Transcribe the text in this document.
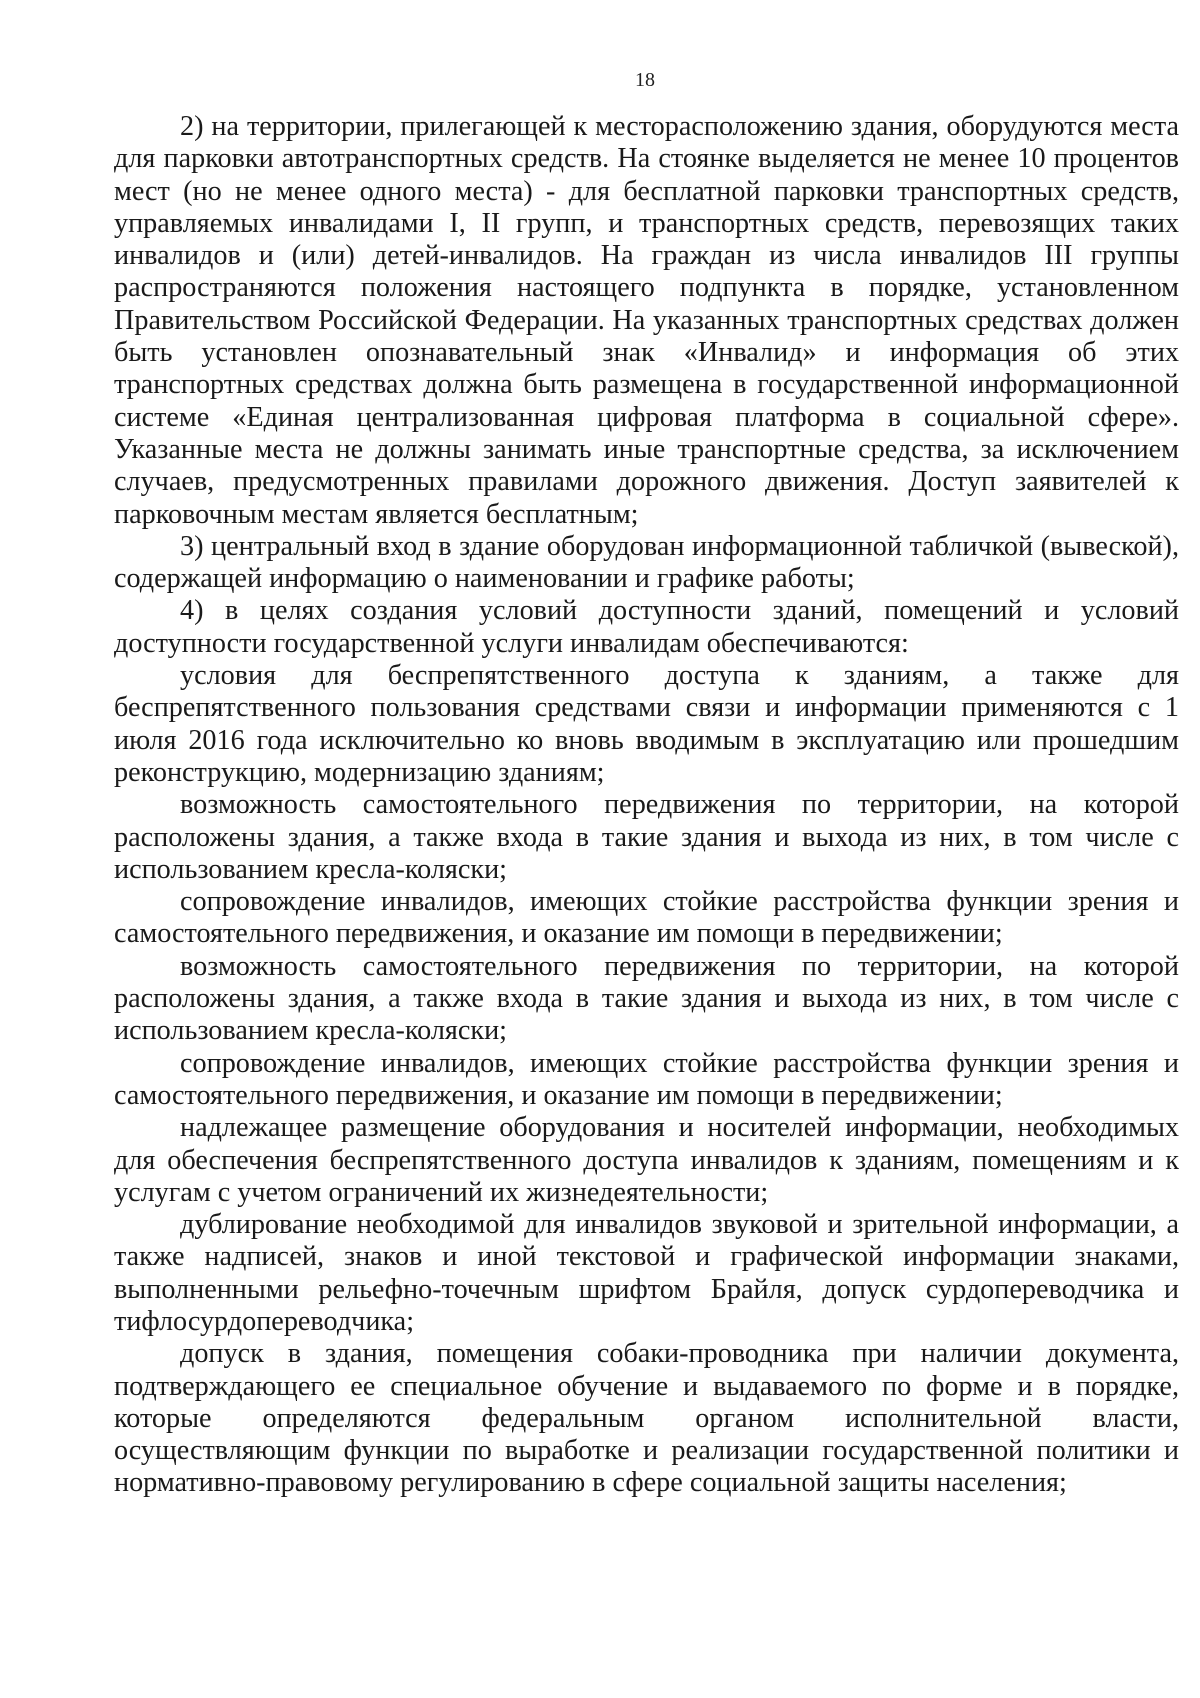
18

2) на территории, прилегающей к месторасположению здания, оборудуются места для парковки автотранспортных средств. На стоянке выделяется не менее 10 процентов мест (но не менее одного места) - для бесплатной парковки транспортных средств, управляемых инвалидами I, II групп, и транспортных средств, перевозящих таких инвалидов и (или) детей-инвалидов. На граждан из числа инвалидов III группы распространяются положения настоящего подпункта в порядке, установленном Правительством Российской Федерации. На указанных транспортных средствах должен быть установлен опознавательный знак «Инвалид» и информация об этих транспортных средствах должна быть размещена в государственной информационной системе «Единая централизованная цифровая платформа в социальной сфере». Указанные места не должны занимать иные транспортные средства, за исключением случаев, предусмотренных правилами дорожного движения. Доступ заявителей к парковочным местам является бесплатным;

3) центральный вход в здание оборудован информационной табличкой (вывеской), содержащей информацию о наименовании и графике работы;

4) в целях создания условий доступности зданий, помещений и условий доступности государственной услуги инвалидам обеспечиваются:

условия для беспрепятственного доступа к зданиям, а также для беспрепятственного пользования средствами связи и информации применяются с 1 июля 2016 года исключительно ко вновь вводимым в эксплуатацию или прошедшим реконструкцию, модернизацию зданиям;

возможность самостоятельного передвижения по территории, на которой расположены здания, а также входа в такие здания и выхода из них, в том числе с использованием кресла-коляски;

сопровождение инвалидов, имеющих стойкие расстройства функции зрения и самостоятельного передвижения, и оказание им помощи в передвижении;

возможность самостоятельного передвижения по территории, на которой расположены здания, а также входа в такие здания и выхода из них, в том числе с использованием кресла-коляски;

сопровождение инвалидов, имеющих стойкие расстройства функции зрения и самостоятельного передвижения, и оказание им помощи в передвижении;

надлежащее размещение оборудования и носителей информации, необходимых для обеспечения беспрепятственного доступа инвалидов к зданиям, помещениям и к услугам с учетом ограничений их жизнедеятельности;

дублирование необходимой для инвалидов звуковой и зрительной информации, а также надписей, знаков и иной текстовой и графической информации знаками, выполненными рельефно-точечным шрифтом Брайля, допуск сурдопереводчика и тифлосурдопереводчика;

допуск в здания, помещения собаки-проводника при наличии документа, подтверждающего ее специальное обучение и выдаваемого по форме и в порядке, которые определяются федеральным органом исполнительной власти, осуществляющим функции по выработке и реализации государственной политики и нормативно-правовому регулированию в сфере социальной защиты населения;
